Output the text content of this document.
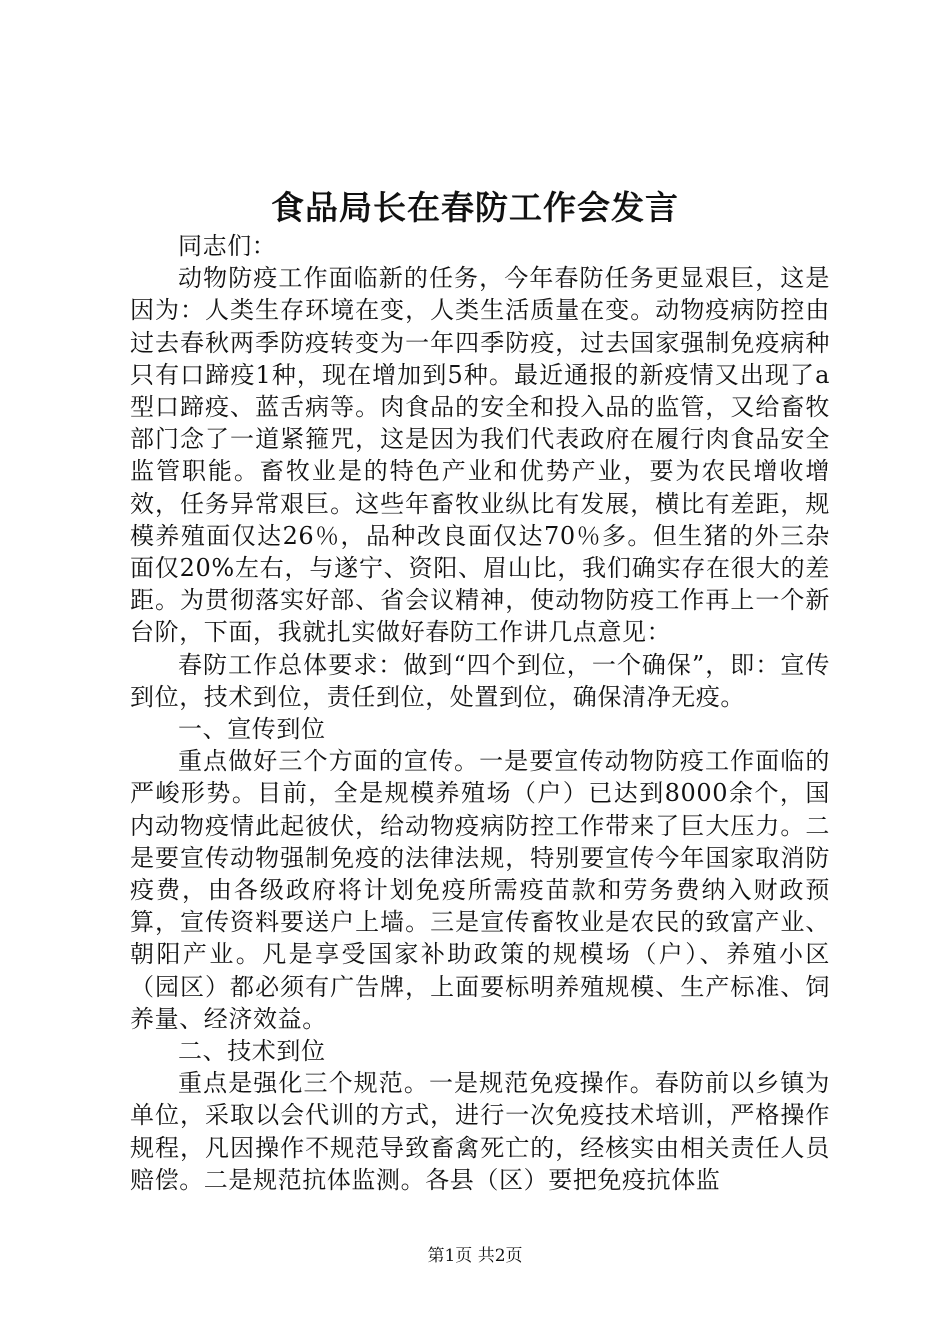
食品局长在春防工作会发言

同志们：

动物防疫工作面临新的任务，今年春防任务更显艰巨，这是因为：人类生存环境在变，人类生活质量在变。动物疫病防控由过去春秋两季防疫转变为一年四季防疫，过去国家强制免疫病种只有口蹄疫1种，现在增加到5种。最近通报的新疫情又出现了a型口蹄疫、蓝舌病等。肉食品的安全和投入品的监管，又给畜牧部门念了一道紧箍咒，这是因为我们代表政府在履行肉食品安全监管职能。畜牧业是的特色产业和优势产业，要为农民增收增效，任务异常艰巨。这些年畜牧业纵比有发展，横比有差距，规模养殖面仅达26％，品种改良面仅达70％多。但生猪的外三杂面仅20%左右，与遂宁、资阳、眉山比，我们确实存在很大的差距。为贯彻落实好部、省会议精神，使动物防疫工作再上一个新台阶，下面，我就扎实做好春防工作讲几点意见：

春防工作总体要求：做到“四个到位，一个确保”，即：宣传到位，技术到位，责任到位，处置到位，确保清净无疫。

一、宣传到位

重点做好三个方面的宣传。一是要宣传动物防疫工作面临的严峻形势。目前，全是规模养殖场（户）已达到8000余个，国内动物疫情此起彼伏，给动物疫病防控工作带来了巨大压力。二是要宣传动物强制免疫的法律法规，特别要宣传今年国家取消防疫费，由各级政府将计划免疫所需疫苗款和劳务费纳入财政预算，宣传资料要送户上墙。三是宣传畜牧业是农民的致富产业、朝阳产业。凡是享受国家补助政策的规模场（户）、养殖小区（园区）都必须有广告牌，上面要标明养殖规模、生产标准、饲养量、经济效益。

二、技术到位

重点是强化三个规范。一是规范免疫操作。春防前以乡镇为单位，采取以会代训的方式，进行一次免疫技术培训，严格操作规程，凡因操作不规范导致畜禽死亡的，经核实由相关责任人员赔偿。二是规范抗体监测。各县（区）要把免疫抗体监

第1页 共2页
